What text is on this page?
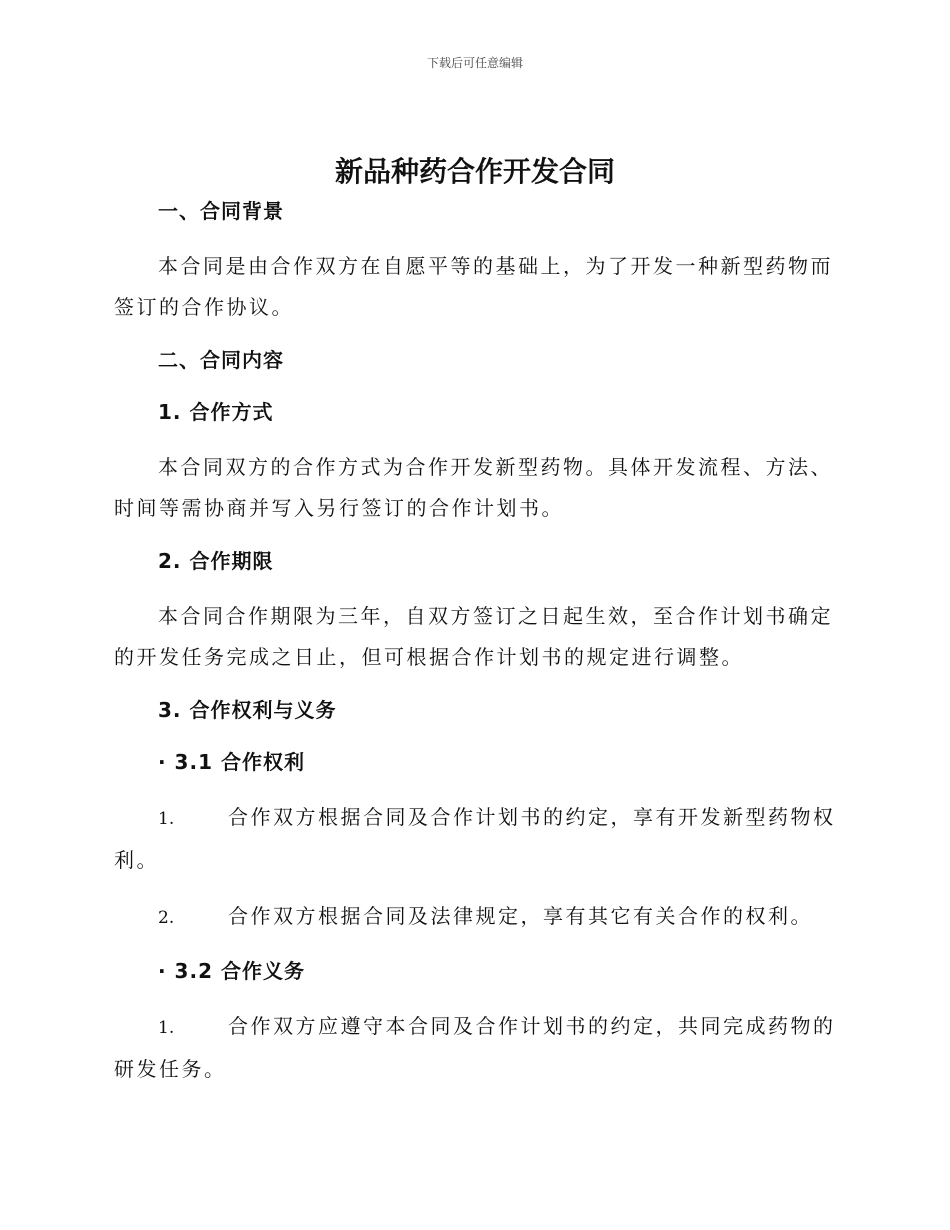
下载后可任意编辑
新品种药合作开发合同

一、合同背景

本合同是由合作双方在自愿平等的基础上，为了开发一种新型药物而签订的合作协议。

二、合同内容

1. 合作方式

本合同双方的合作方式为合作开发新型药物。具体开发流程、方法、时间等需协商并写入另行签订的合作计划书。

2. 合作期限

本合同合作期限为三年，自双方签订之日起生效，至合作计划书确定的开发任务完成之日止，但可根据合作计划书的规定进行调整。

3. 合作权利与义务

· 3.1 合作权利

1.	合作双方根据合同及合作计划书的约定，享有开发新型药物权利。

2.	合作双方根据合同及法律规定，享有其它有关合作的权利。

· 3.2 合作义务

1.	合作双方应遵守本合同及合作计划书的约定，共同完成药物的研发任务。
